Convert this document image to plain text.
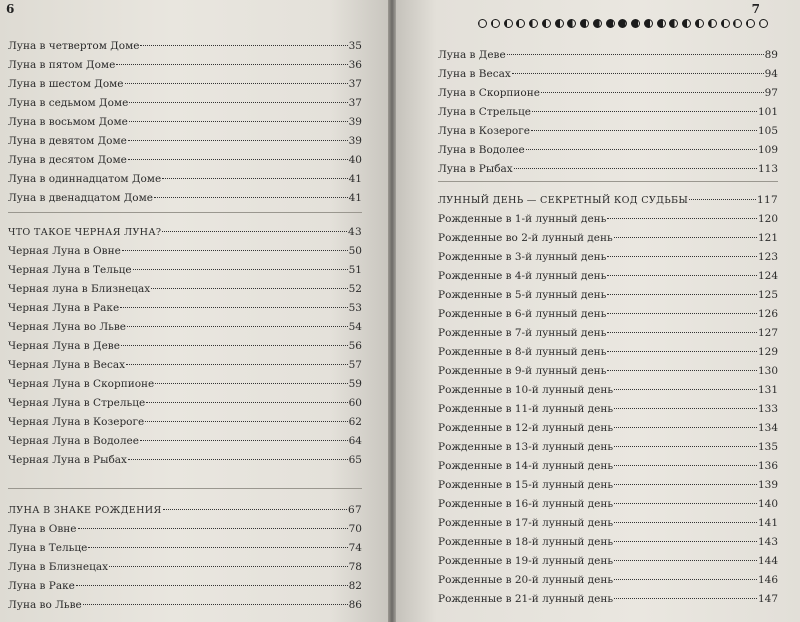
6
Луна в четвертом Доме	35
Луна в пятом Доме	36
Луна в шестом Доме	37
Луна в седьмом Доме	37
Луна в восьмом Доме	39
Луна в девятом Доме	39
Луна в десятом Доме	40
Луна в одиннадцатом Доме	41
Луна в двенадцатом Доме	41
ЧТО ТАКОЕ ЧЕРНАЯ ЛУНА?	43
Черная Луна в Овне	50
Черная Луна в Тельце	51
Черная луна в Близнецах	52
Черная Луна в Раке	53
Черная Луна во Льве	54
Черная Луна в Деве	56
Черная Луна в Весах	57
Черная Луна в Скорпионе	59
Черная Луна в Стрельце	60
Черная Луна в Козероге	62
Черная Луна в Водолее	64
Черная Луна в Рыбах	65
ЛУНА В ЗНАКЕ РОЖДЕНИЯ	67
Луна в Овне	70
Луна в Тельце	74
Луна в Близнецах	78
Луна в Раке	82
Луна во Льве	86
7
Луна в Деве	89
Луна в Весах	94
Луна в Скорпионе	97
Луна в Стрельце	101
Луна в Козероге	105
Луна в Водолее	109
Луна в Рыбах	113
ЛУННЫЙ ДЕНЬ — СЕКРЕТНЫЙ КОД СУДЬБЫ	117
Рожденные в 1-й лунный день	120
Рожденные во 2-й лунный день	121
Рожденные в 3-й лунный день	123
Рожденные в 4-й лунный день	124
Рожденные в 5-й лунный день	125
Рожденные в 6-й лунный день	126
Рожденные в 7-й лунный день	127
Рожденные в 8-й лунный день	129
Рожденные в 9-й лунный день	130
Рожденные в 10-й лунный день	131
Рожденные в 11-й лунный день	133
Рожденные в 12-й лунный день	134
Рожденные в 13-й лунный день	135
Рожденные в 14-й лунный день	136
Рожденные в 15-й лунный день	139
Рожденные в 16-й лунный день	140
Рожденные в 17-й лунный день	141
Рожденные в 18-й лунный день	143
Рожденные в 19-й лунный день	144
Рожденные в 20-й лунный день	146
Рожденные в 21-й лунный день	147
